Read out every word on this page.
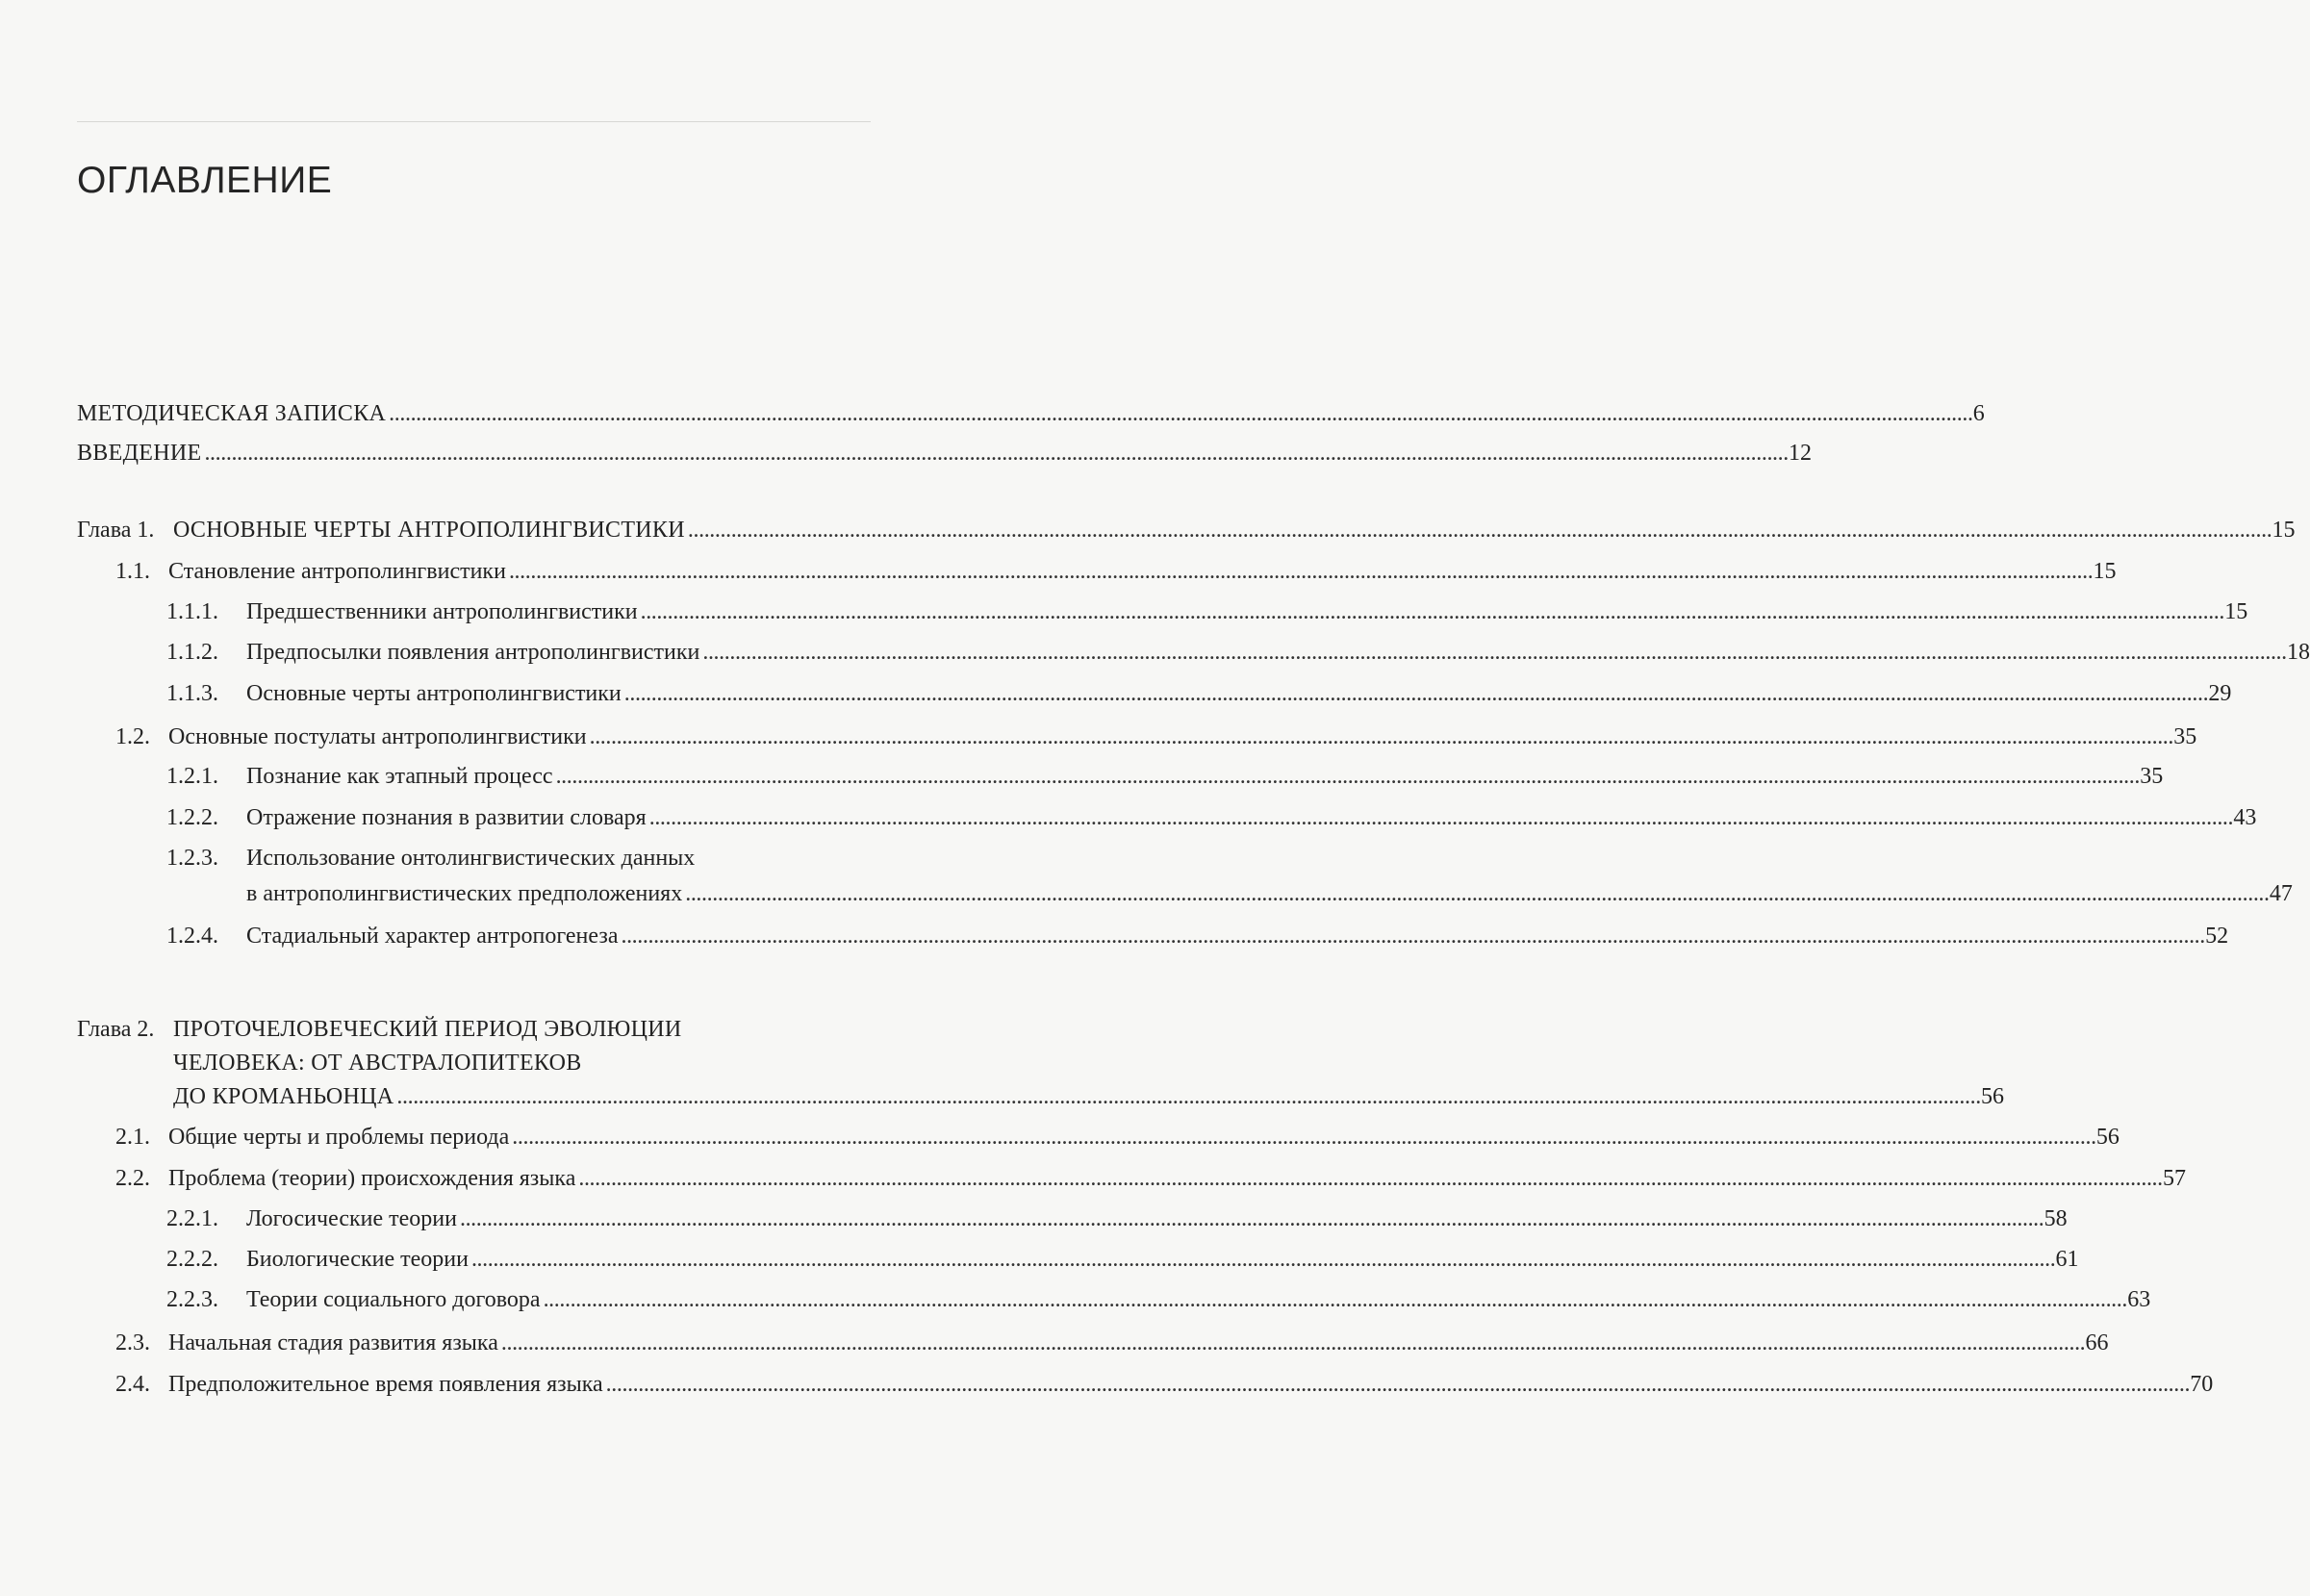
ОГЛАВЛЕНИЕ
МЕТОДИЧЕСКАЯ ЗАПИСКА . . .	6
ВВЕДЕНИЕ . . .	12
Глава 1. ОСНОВНЫЕ ЧЕРТЫ АНТРОПОЛИНГВИСТИКИ . . .	15
1.1. Становление антрополингвистики . . .	15
1.1.1.	Предшественники антрополингвистики . . .	15
1.1.2.	Предпосылки появления антрополингвистики . . .	18
1.1.3.	Основные черты антрополингвистики . . .	29
1.2. Основные постулаты антрополингвистики . . .	35
1.2.1.	Познание как этапный процесс . . .	35
1.2.2.	Отражение познания в развитии словаря . . .	43
1.2.3.	Использование онтолингвистических данных
в антрополингвистических предположениях . . .	47
1.2.4.	Стадиальный характер антропогенеза . . .	52
Глава 2. ПРОТОЧЕЛОВЕЧЕСКИЙ ПЕРИОД ЭВОЛЮЦИИ
ЧЕЛОВЕКА: ОТ АВСТРАЛОПИТЕКОВ
ДО КРОМАНЬОНЦА . . .	56
2.1. Общие черты и проблемы периода . . .	56
2.2. Проблема (теории) происхождения языка . . .	57
2.2.1.	Логосические теории . . .	58
2.2.2.	Биологические теории . . .	61
2.2.3.	Теории социального договора . . .	63
2.3. Начальная стадия развития языка . . .	66
2.4. Предположительное время появления языка . . .	70
